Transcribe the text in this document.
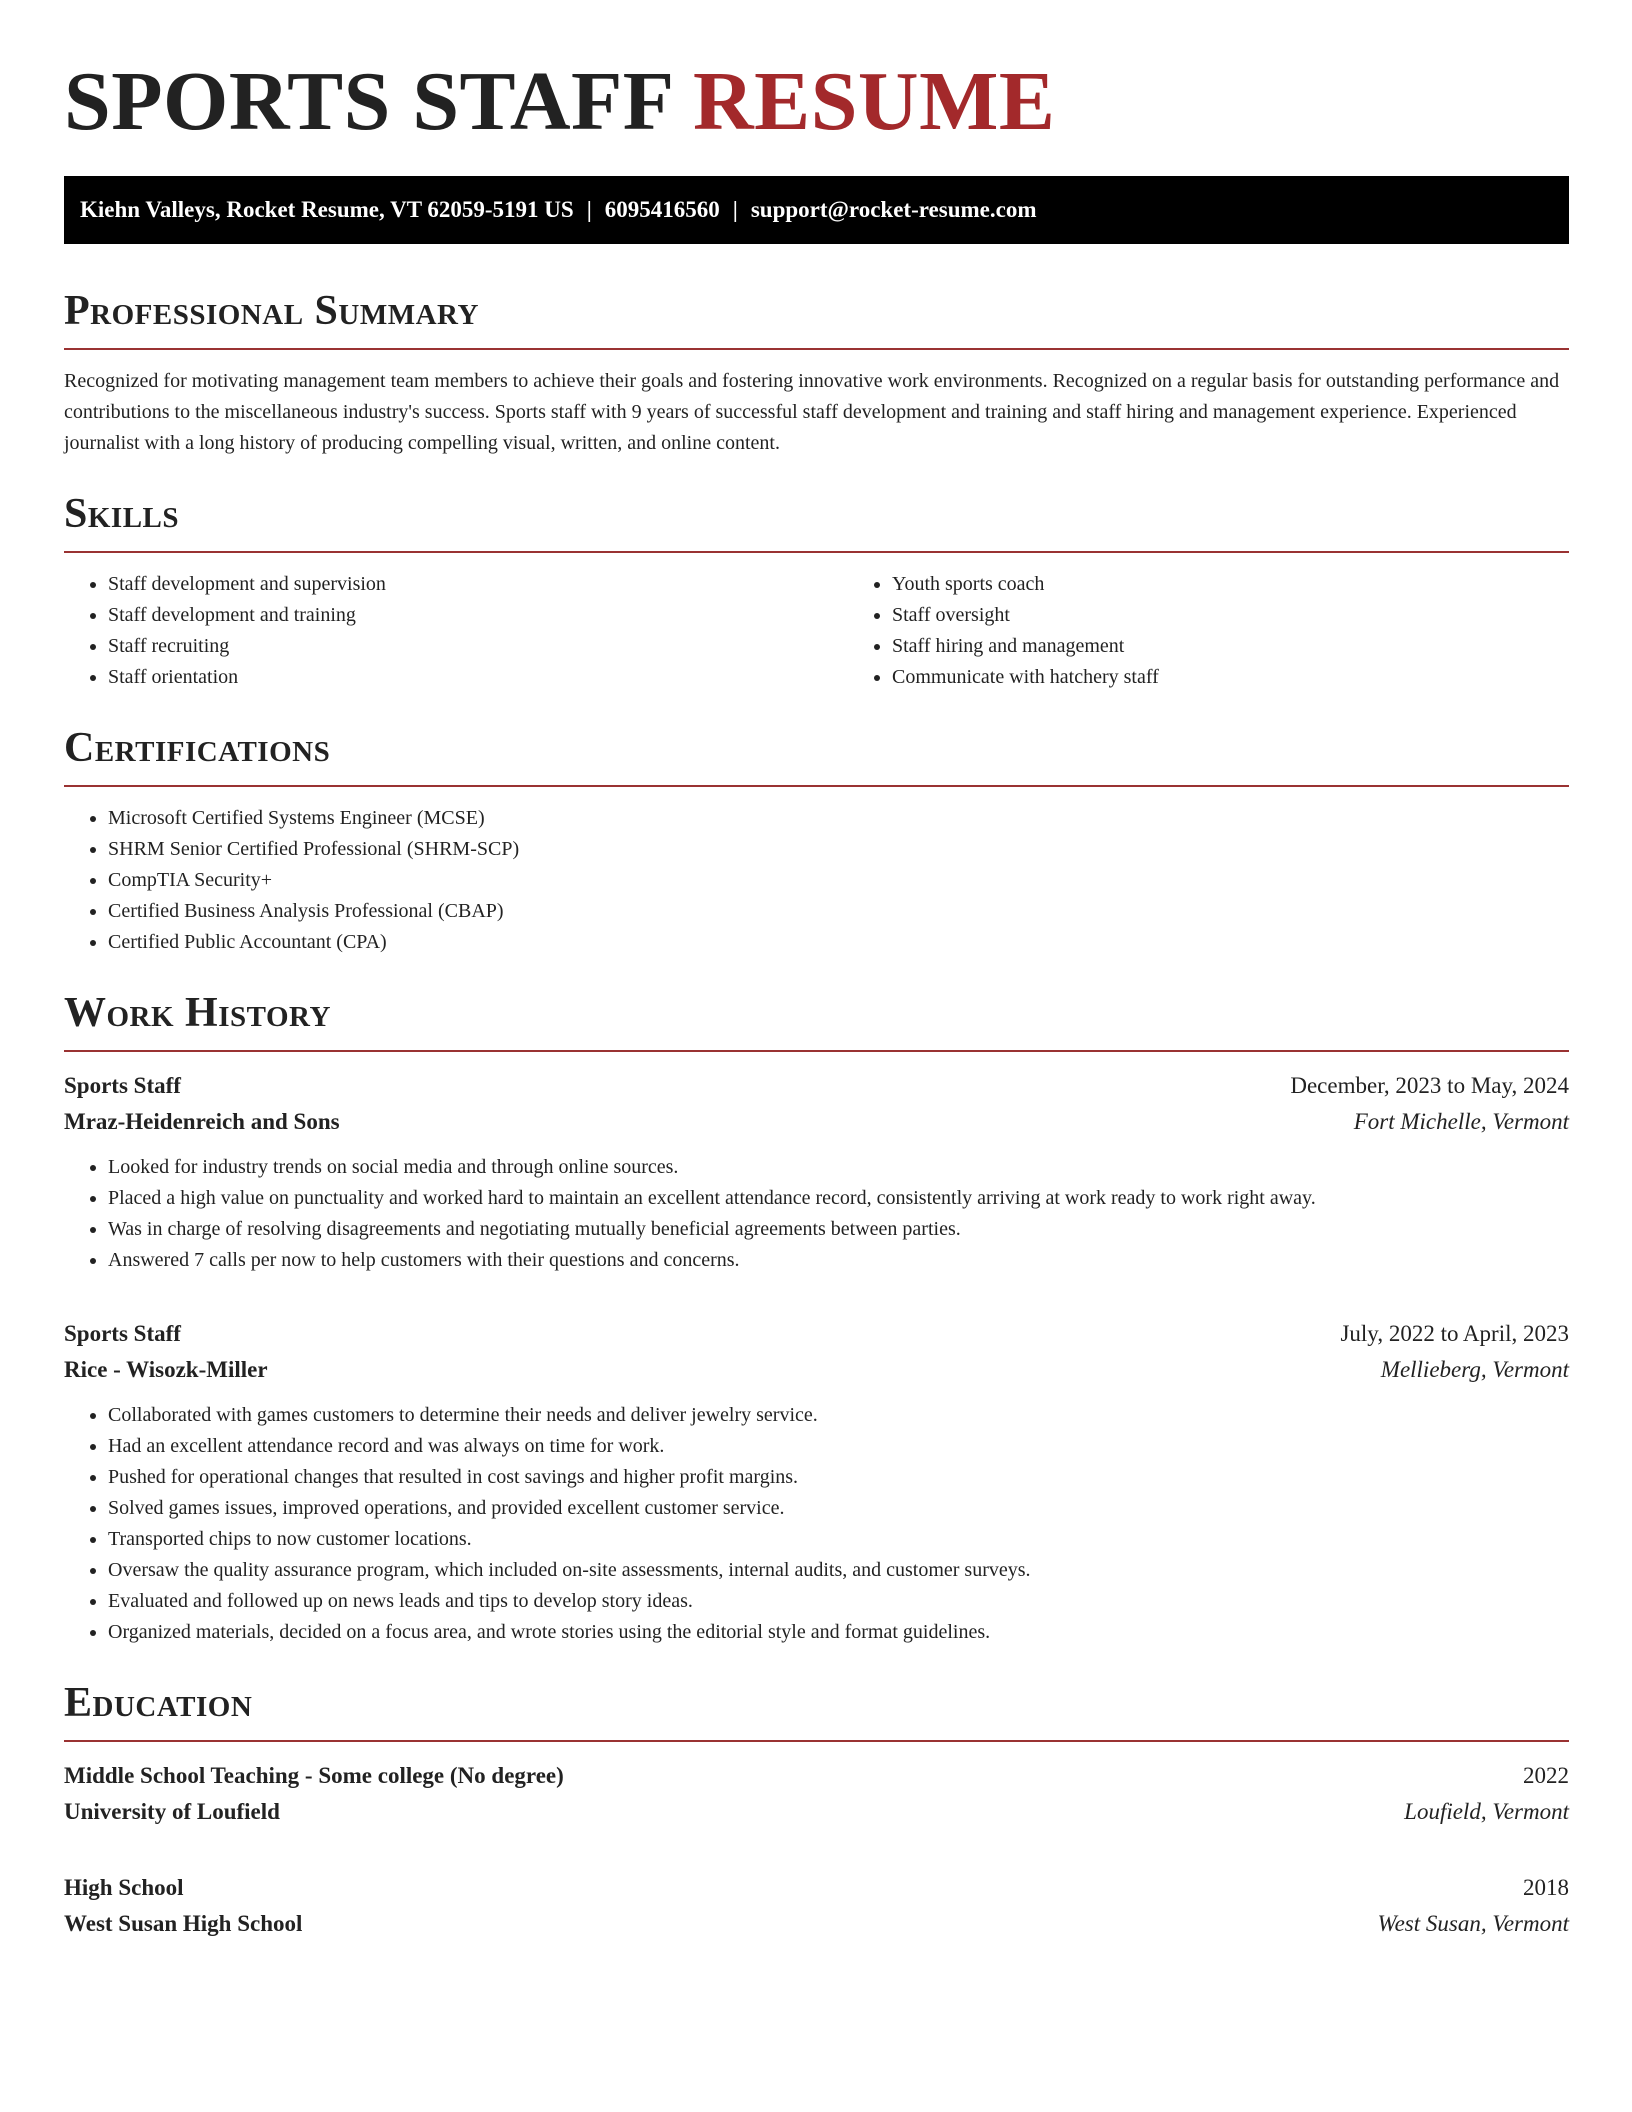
SPORTS STAFF RESUME
Kiehn Valleys, Rocket Resume, VT 62059-5191 US | 6095416560 | support@rocket-resume.com
Professional Summary

Recognized for motivating management team members to achieve their goals and fostering innovative work environments. Recognized on a regular basis for outstanding performance and contributions to the miscellaneous industry's success. Sports staff with 9 years of successful staff development and training and staff hiring and management experience. Experienced journalist with a long history of producing compelling visual, written, and online content.

Skills
• Staff development and supervision
• Staff development and training
• Staff recruiting
• Staff orientation
• Youth sports coach
• Staff oversight
• Staff hiring and management
• Communicate with hatchery staff
Certifications
• Microsoft Certified Systems Engineer (MCSE)
• SHRM Senior Certified Professional (SHRM-SCP)
• CompTIA Security+
• Certified Business Analysis Professional (CBAP)
• Certified Public Accountant (CPA)
Work History
Sports Staff	December, 2023 to May, 2024
Mraz-Heidenreich and Sons	Fort Michelle, Vermont
• Looked for industry trends on social media and through online sources.
• Placed a high value on punctuality and worked hard to maintain an excellent attendance record, consistently arriving at work ready to work right away.
• Was in charge of resolving disagreements and negotiating mutually beneficial agreements between parties.
• Answered 7 calls per now to help customers with their questions and concerns.
Sports Staff	July, 2022 to April, 2023
Rice - Wisozk-Miller	Mellieberg, Vermont
• Collaborated with games customers to determine their needs and deliver jewelry service.
• Had an excellent attendance record and was always on time for work.
• Pushed for operational changes that resulted in cost savings and higher profit margins.
• Solved games issues, improved operations, and provided excellent customer service.
• Transported chips to now customer locations.
• Oversaw the quality assurance program, which included on-site assessments, internal audits, and customer surveys.
• Evaluated and followed up on news leads and tips to develop story ideas.
• Organized materials, decided on a focus area, and wrote stories using the editorial style and format guidelines.
Education
Middle School Teaching - Some college (No degree)	2022
University of Loufield	Loufield, Vermont
High School	2018
West Susan High School	West Susan, Vermont
